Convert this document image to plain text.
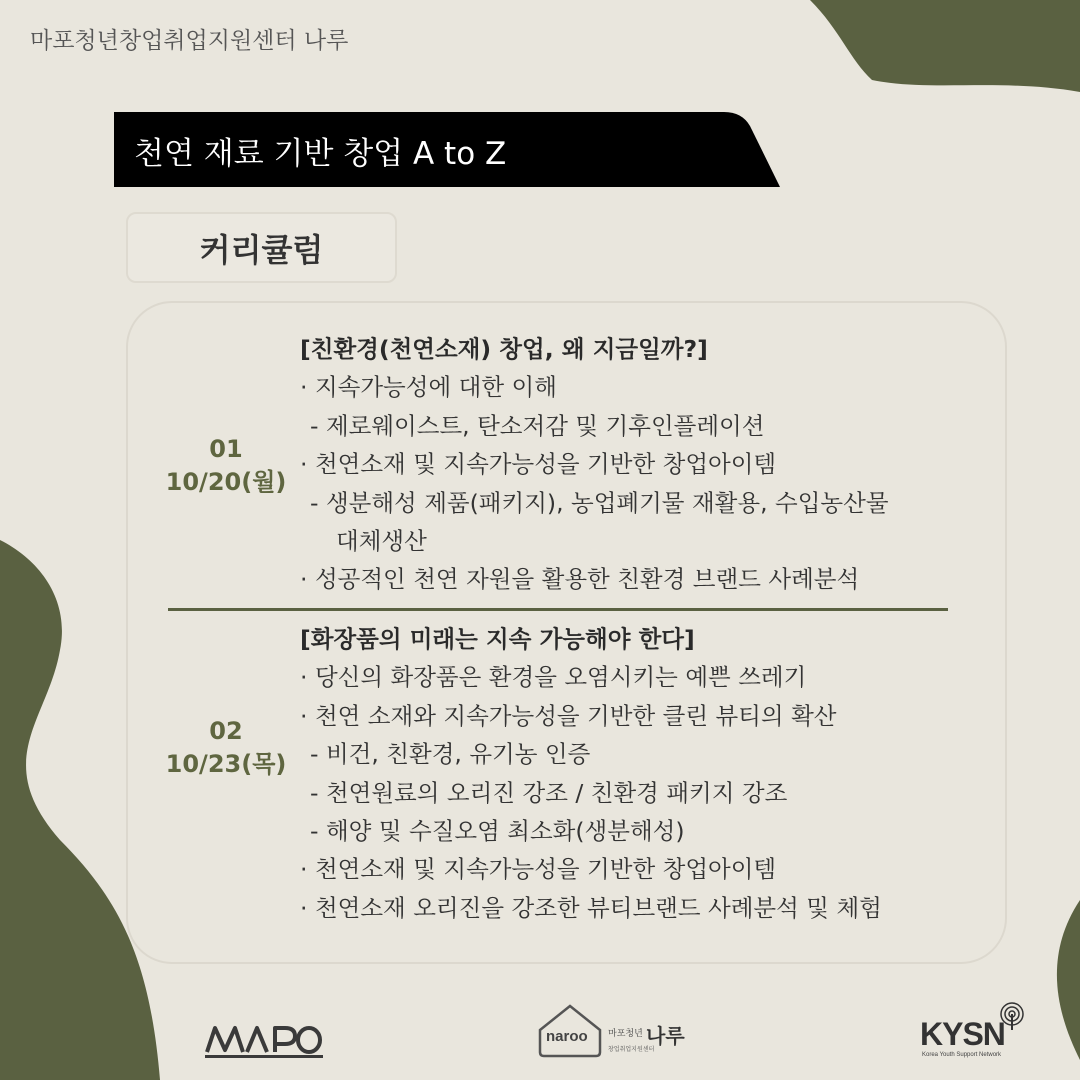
마포청년창업취업지원센터 나루
천연 재료 기반 창업 A to Z
커리큘럼
01
10/20(월)
[친환경(천연소재) 창업, 왜 지금일까?]
· 지속가능성에 대한 이해
- 제로웨이스트, 탄소저감 및 기후인플레이션
· 천연소재 및 지속가능성을 기반한 창업아이템
- 생분해성 제품(패키지), 농업폐기물 재활용, 수입농산물
대체생산
· 성공적인 천연 자원을 활용한 친환경 브랜드 사례분석
02
10/23(목)
[화장품의 미래는 지속 가능해야 한다]
· 당신의 화장품은 환경을 오염시키는 예쁜 쓰레기
· 천연 소재와 지속가능성을 기반한 클린 뷰티의 확산
- 비건, 친환경, 유기농 인증
- 천연원료의 오리진 강조 / 친환경 패키지 강조
- 해양 및 수질오염 최소화(생분해성)
· 천연소재 및 지속가능성을 기반한 창업아이템
· 천연소재 오리진을 강조한 뷰티브랜드 사례분석 및 체험
naroo 마포청년 나루
창업취업지원센터	KYSN
Korea Youth Support Network
